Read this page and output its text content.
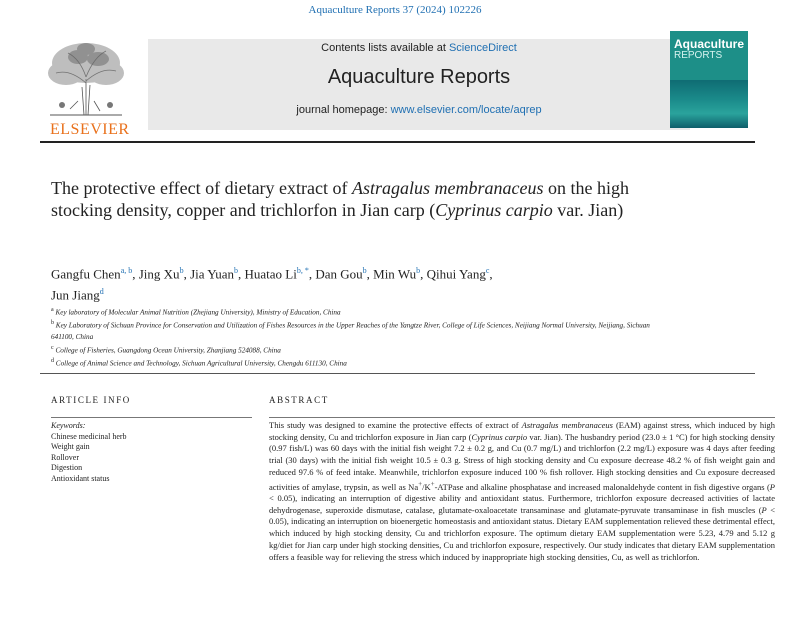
Aquaculture Reports 37 (2024) 102226
ELSEVIER
Contents lists available at ScienceDirect
Aquaculture Reports
journal homepage: www.elsevier.com/locate/aqrep
Aquaculture
REPORTS
The protective effect of dietary extract of Astragalus membranaceus on the high stocking density, copper and trichlorfon in Jian carp (Cyprinus carpio var. Jian)
Gangfu Chen$^{a, b}$, Jing Xu$^b$, Jia Yuan$^b$, Huatao $Li^{b, *}$, Dan Gou$^b$, Min Wu$^b$, Qihui Yang$^c$,
Jun Jiang$^d$
$^a$ Key laboratory of Molecular Animal Nutrition (Zhejiang University), Ministry of Education, China
$^b$ Key Laboratory of Sichuan Province for Conservation and Utilization of Fishes Resources in the Upper Reaches of the Yangtze River, College of Life Sciences, Neijiang Normal University, Neijiang, Sichuan 641100, China
$^c$ College of Fisheries, Guangdong Ocean University, Zhanjiang 524088, China
$^d$ College of Animal Science and Technology, Sichuan Agricultural University, Chengdu 611130, China
ARTICLE INFO	ABSTRACT
Keywords:
Chinese medicinal herb
Weight gain
Rollover
Digestion
Antioxidant status
This study was designed to examine the protective effects of extract of Astragalus membranaceus (EAM) against stress, which induced by high stocking density, Cu and trichlorfon exposure in Jian carp (Cyprinus carpio var. Jian). The husbandry period (23.0 ± 1 °C) for high stocking density (0.97 fish/L) was 60 days with the initial fish weight 7.2 ± 0.2 g, and Cu (0.7 mg/L) and trichlorfon (2.2 mg/L) exposure was 4 days after feeding trial (30 days) with the initial fish weight 10.5 ± 0.3 g. Stress of high stocking density and Cu exposure decrease 48.2 % of fish weight gain and reduced 97.6 % of feed intake. Meanwhile, trichlorfon exposure induced 100 % fish rollover. High stocking densities and Cu exposure decreased activities of amylase, trypsin, as well as Na+/K+-ATPase and alkaline phosphatase and increased malonaldehyde content in fish digestive organs (P < 0.05), indicating an interruption of digestive ability and antioxidant status. Furthermore, trichlorfon exposure decreased activities of lactate dehydrogenase, superoxide dismutase, catalase, glutamate-oxaloacetate transaminase and glutamate-pyruvate transaminase in fish muscles (P < 0.05), indicating an interruption on bioenergetic homeostasis and antioxidant status. Dietary EAM supplementation relieved these detrimental effect, which induced by high stocking density, Cu and trichlorfon exposure. The optimum dietary EAM supplementation were 5.23, 4.79 and 5.12 g kg/diet for Jian carp under high stocking densities, Cu and trichlorfon exposure, respectively. Our study indicates that dietary EAM supplementation offers a feasible way for relieving the stress which induced by inappropriate high stocking densities, Cu, as well as trichlorfon.
